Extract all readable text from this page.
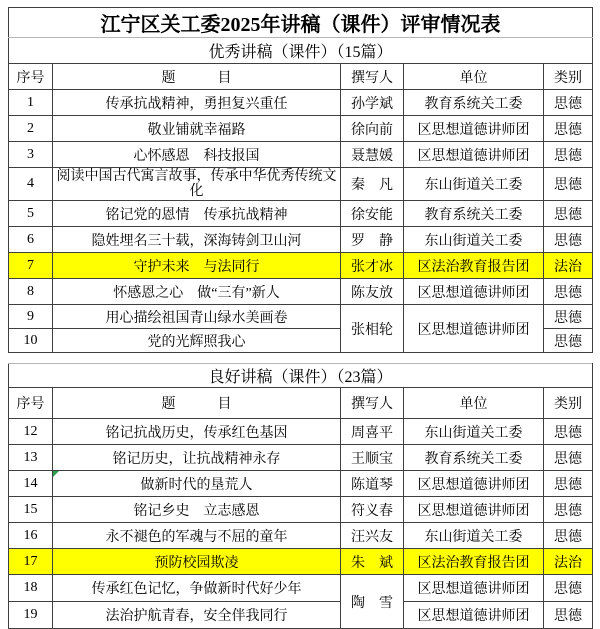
江宁区关工委2025年讲稿（课件）评审情况表				
优秀讲稿（课件）（15篇）				
序号	题　　　目	撰写人	单位	类别
1	传承抗战精神，勇担复兴重任	孙学斌	教育系统关工委	思德
2	敬业铺就幸福路	徐向前	区思想道德讲师团	思德
3	心怀感恩　科技报国	聂慧媛	区思想道德讲师团	思德
4	阅读中国古代寓言故事，传承中华优秀传统文化	秦　凡	东山街道关工委	思德
5	铭记党的恩情　传承抗战精神	徐安能	教育系统关工委	思德
6	隐姓埋名三十载，深海铸剑卫山河	罗　静	东山街道关工委	思德
7	守护未来　与法同行	张才冰	区法治教育报告团	法治
8	怀感恩之心　做“三有”新人	陈友放	区思想道德讲师团	思德
9	用心描绘祖国青山绿水美画卷	张相轮	区思想道德讲师团	思德
10	党的光辉照我心			思德
良好讲稿（课件）（23篇）				
序号	题　　　目	撰写人	单位	类别
12	铭记抗战历史，传承红色基因	周喜平	东山街道关工委	思德
13	铭记历史，让抗战精神永存	王顺宝	教育系统关工委	思德
14	做新时代的垦荒人	陈道琴	区思想道德讲师团	思德
15	铭记乡史　立志感恩	符义春	区思想道德讲师团	思德
16	永不褪色的军魂与不屈的童年	汪兴友	东山街道关工委	思德
17	预防校园欺凌	朱　斌	区法治教育报告团	法治
18	传承红色记忆，争做新时代好少年	陶　雪	区思想道德讲师团	思德
19	法治护航青春，安全伴我同行		区思想道德讲师团	思德
